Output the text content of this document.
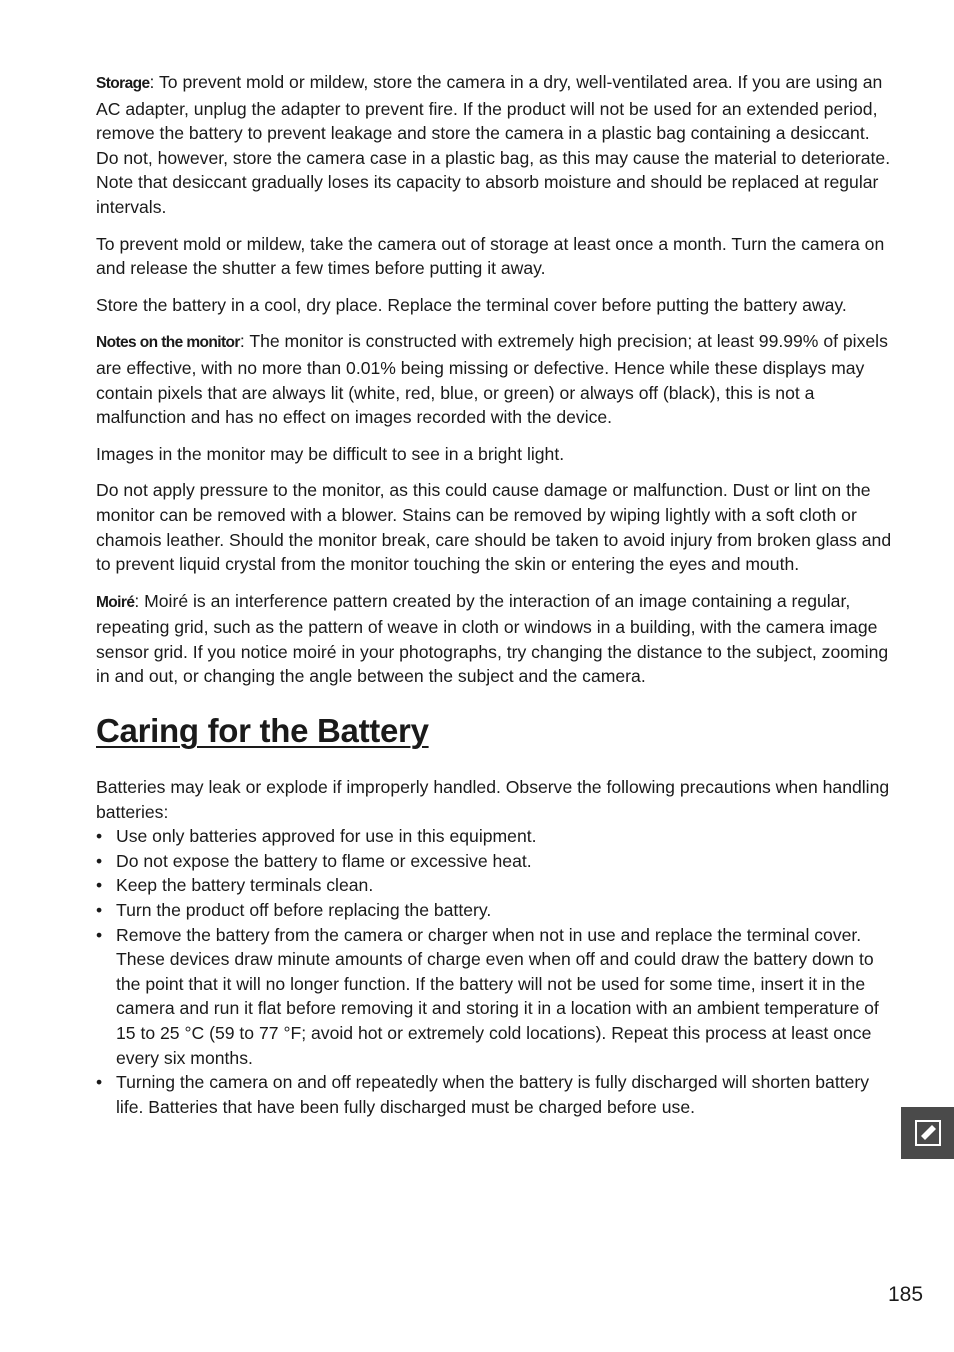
Storage: To prevent mold or mildew, store the camera in a dry, well-ventilated area. If you are using an AC adapter, unplug the adapter to prevent fire. If the product will not be used for an extended period, remove the battery to prevent leakage and store the camera in a plastic bag containing a desiccant. Do not, however, store the camera case in a plastic bag, as this may cause the material to deteriorate. Note that desiccant gradually loses its capacity to absorb moisture and should be replaced at regular intervals.

To prevent mold or mildew, take the camera out of storage at least once a month. Turn the camera on and release the shutter a few times before putting it away.

Store the battery in a cool, dry place. Replace the terminal cover before putting the battery away.

Notes on the monitor: The monitor is constructed with extremely high precision; at least 99.99% of pixels are effective, with no more than 0.01% being missing or defective. Hence while these displays may contain pixels that are always lit (white, red, blue, or green) or always off (black), this is not a malfunction and has no effect on images recorded with the device.

Images in the monitor may be difficult to see in a bright light.

Do not apply pressure to the monitor, as this could cause damage or malfunction. Dust or lint on the monitor can be removed with a blower. Stains can be removed by wiping lightly with a soft cloth or chamois leather. Should the monitor break, care should be taken to avoid injury from broken glass and to prevent liquid crystal from the monitor touching the skin or entering the eyes and mouth.

Moiré: Moiré is an interference pattern created by the interaction of an image containing a regular, repeating grid, such as the pattern of weave in cloth or windows in a building, with the camera image sensor grid. If you notice moiré in your photographs, try changing the distance to the subject, zooming in and out, or changing the angle between the subject and the camera.

Caring for the Battery

Batteries may leak or explode if improperly handled. Observe the following precautions when handling batteries:

• Use only batteries approved for use in this equipment.
• Do not expose the battery to flame or excessive heat.
• Keep the battery terminals clean.
• Turn the product off before replacing the battery.
• Remove the battery from the camera or charger when not in use and replace the terminal cover. These devices draw minute amounts of charge even when off and could draw the battery down to the point that it will no longer function. If the battery will not be used for some time, insert it in the camera and run it flat before removing it and storing it in a location with an ambient temperature of 15 to 25 °C (59 to 77 °F; avoid hot or extremely cold locations). Repeat this process at least once every six months.
• Turning the camera on and off repeatedly when the battery is fully discharged will shorten battery life. Batteries that have been fully discharged must be charged before use.
185
